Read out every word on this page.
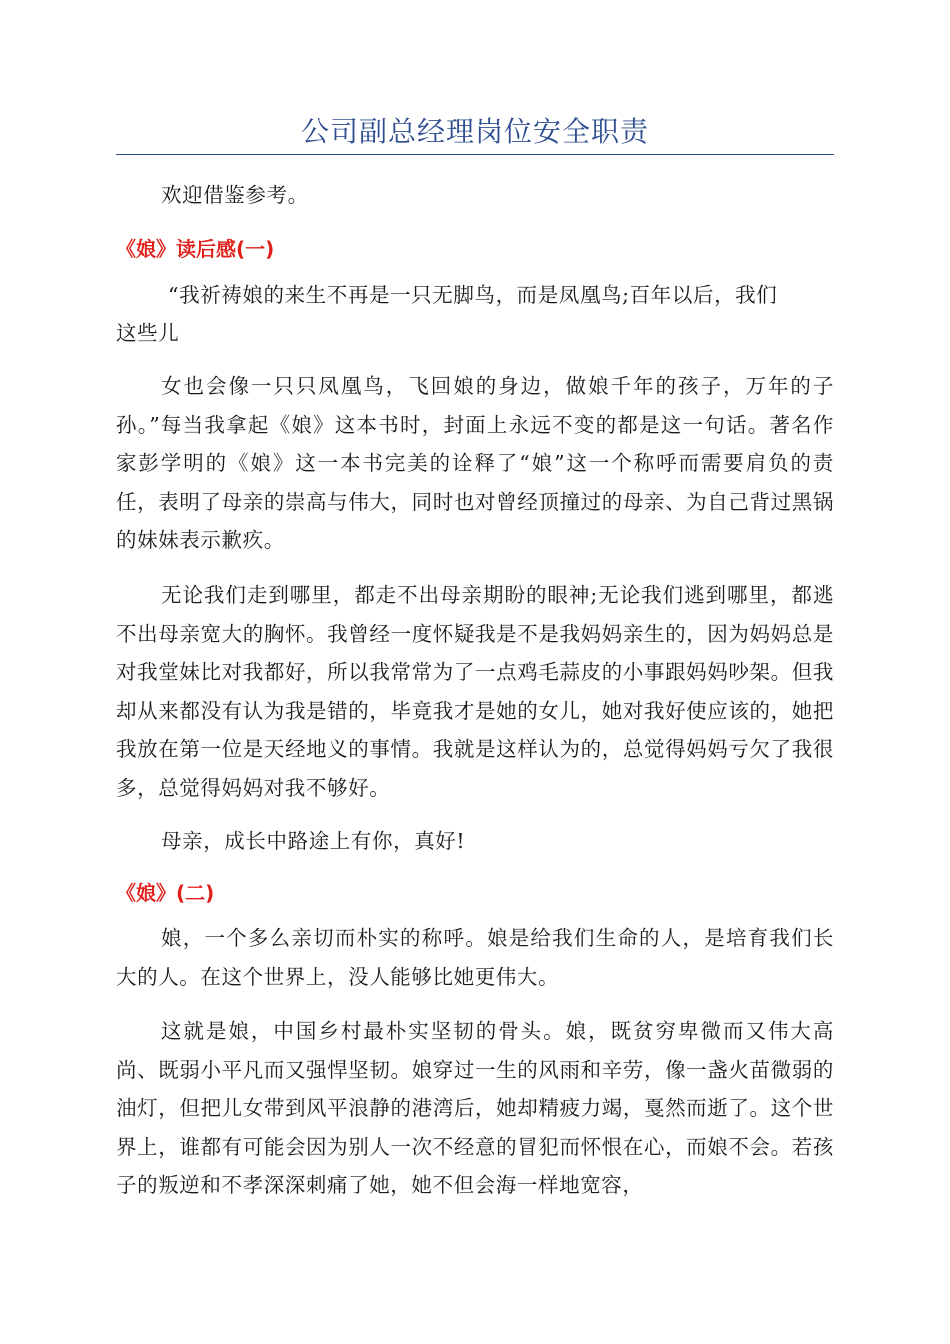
公司副总经理岗位安全职责

欢迎借鉴参考。

《娘》读后感(一)

“我祈祷娘的来生不再是一只无脚鸟，而是凤凰鸟;百年以后，我们

这些儿

女也会像一只只凤凰鸟，飞回娘的身边，做娘千年的孩子，万年的子孙。”每当我拿起《娘》这本书时，封面上永远不变的都是这一句话。著名作家彭学明的《娘》这一本书完美的诠释了“娘”这一个称呼而需要肩负的责任，表明了母亲的崇高与伟大，同时也对曾经顶撞过的母亲、为自己背过黑锅的妹妹表示歉疚。

无论我们走到哪里，都走不出母亲期盼的眼神;无论我们逃到哪里，都逃不出母亲宽大的胸怀。我曾经一度怀疑我是不是我妈妈亲生的，因为妈妈总是对我堂妹比对我都好，所以我常常为了一点鸡毛蒜皮的小事跟妈妈吵架。但我却从来都没有认为我是错的，毕竟我才是她的女儿，她对我好使应该的，她把我放在第一位是天经地义的事情。我就是这样认为的，总觉得妈妈亏欠了我很多，总觉得妈妈对我不够好。

母亲，成长中路途上有你，真好!

《娘》(二)

娘，一个多么亲切而朴实的称呼。娘是给我们生命的人，是培育我们长大的人。在这个世界上，没人能够比她更伟大。

这就是娘，中国乡村最朴实坚韧的骨头。娘，既贫穷卑微而又伟大高尚、既弱小平凡而又强悍坚韧。娘穿过一生的风雨和辛劳，像一盏火苗微弱的油灯，但把儿女带到风平浪静的港湾后，她却精疲力竭，戛然而逝了。这个世界上，谁都有可能会因为别人一次不经意的冒犯而怀恨在心，而娘不会。若孩子的叛逆和不孝深深刺痛了她，她不但会海一样地宽容，
